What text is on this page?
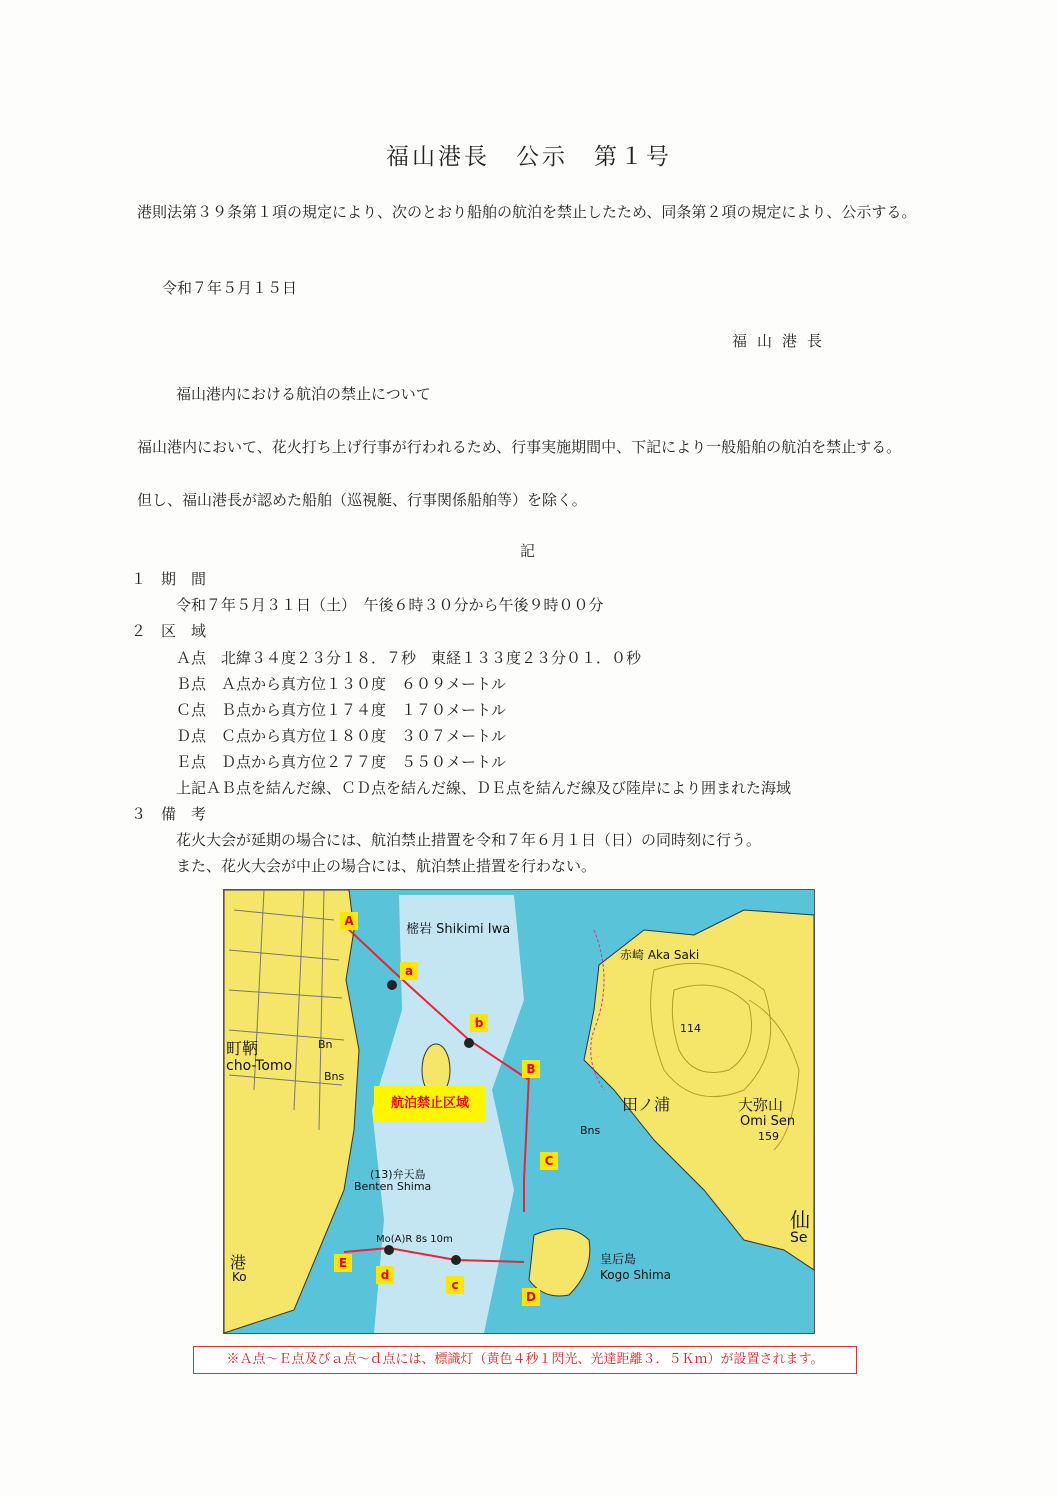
福山港長　公示　第１号
港則法第３９条第１項の規定により、次のとおり船舶の航泊を禁止したため、同条第２項の規定により、公示する。
令和７年５月１５日
福山港長
福山港内における航泊の禁止について
福山港内において、花火打ち上げ行事が行われるため、行事実施期間中、下記により一般船舶の航泊を禁止する。
但し、福山港長が認めた船舶（巡視艇、行事関係船舶等）を除く。
記
１　期　間
令和７年５月３１日（土）　午後６時３０分から午後９時００分
２　区　域
Ａ点　北緯３４度２３分１８．７秒　東経１３３度２３分０１．０秒
Ｂ点　Ａ点から真方位１３０度　６０９メートル
Ｃ点　Ｂ点から真方位１７４度　１７０メートル
Ｄ点　Ｃ点から真方位１８０度　３０７メートル
Ｅ点　Ｄ点から真方位２７７度　５５０メートル
上記ＡＢ点を結んだ線、ＣＤ点を結んだ線、ＤＥ点を結んだ線及び陸岸により囲まれた海域
３　備　考
花火大会が延期の場合には、航泊禁止措置を令和７年６月１日（日）の同時刻に行う。
また、花火大会が中止の場合には、航泊禁止措置を行わない。
A
B
C
D
E
a
b
c
d
航泊禁止区域
樒岩 Shikimi Iwa
赤崎 Aka Saki
田ノ浦	大弥山
Omi Sen
159
114
町鞆
cho-Tomo
(13)弁天島
Benten Shima
皇后島
Kogo Shima
仙
Se
港
Ko
Bn
Bns
Bns
Mo(A)R 8s 10m
※Ａ点～Ｅ点及びａ点～ｄ点には、標識灯（黄色４秒１閃光、光達距離３．５Ｋｍ）が設置されます。
